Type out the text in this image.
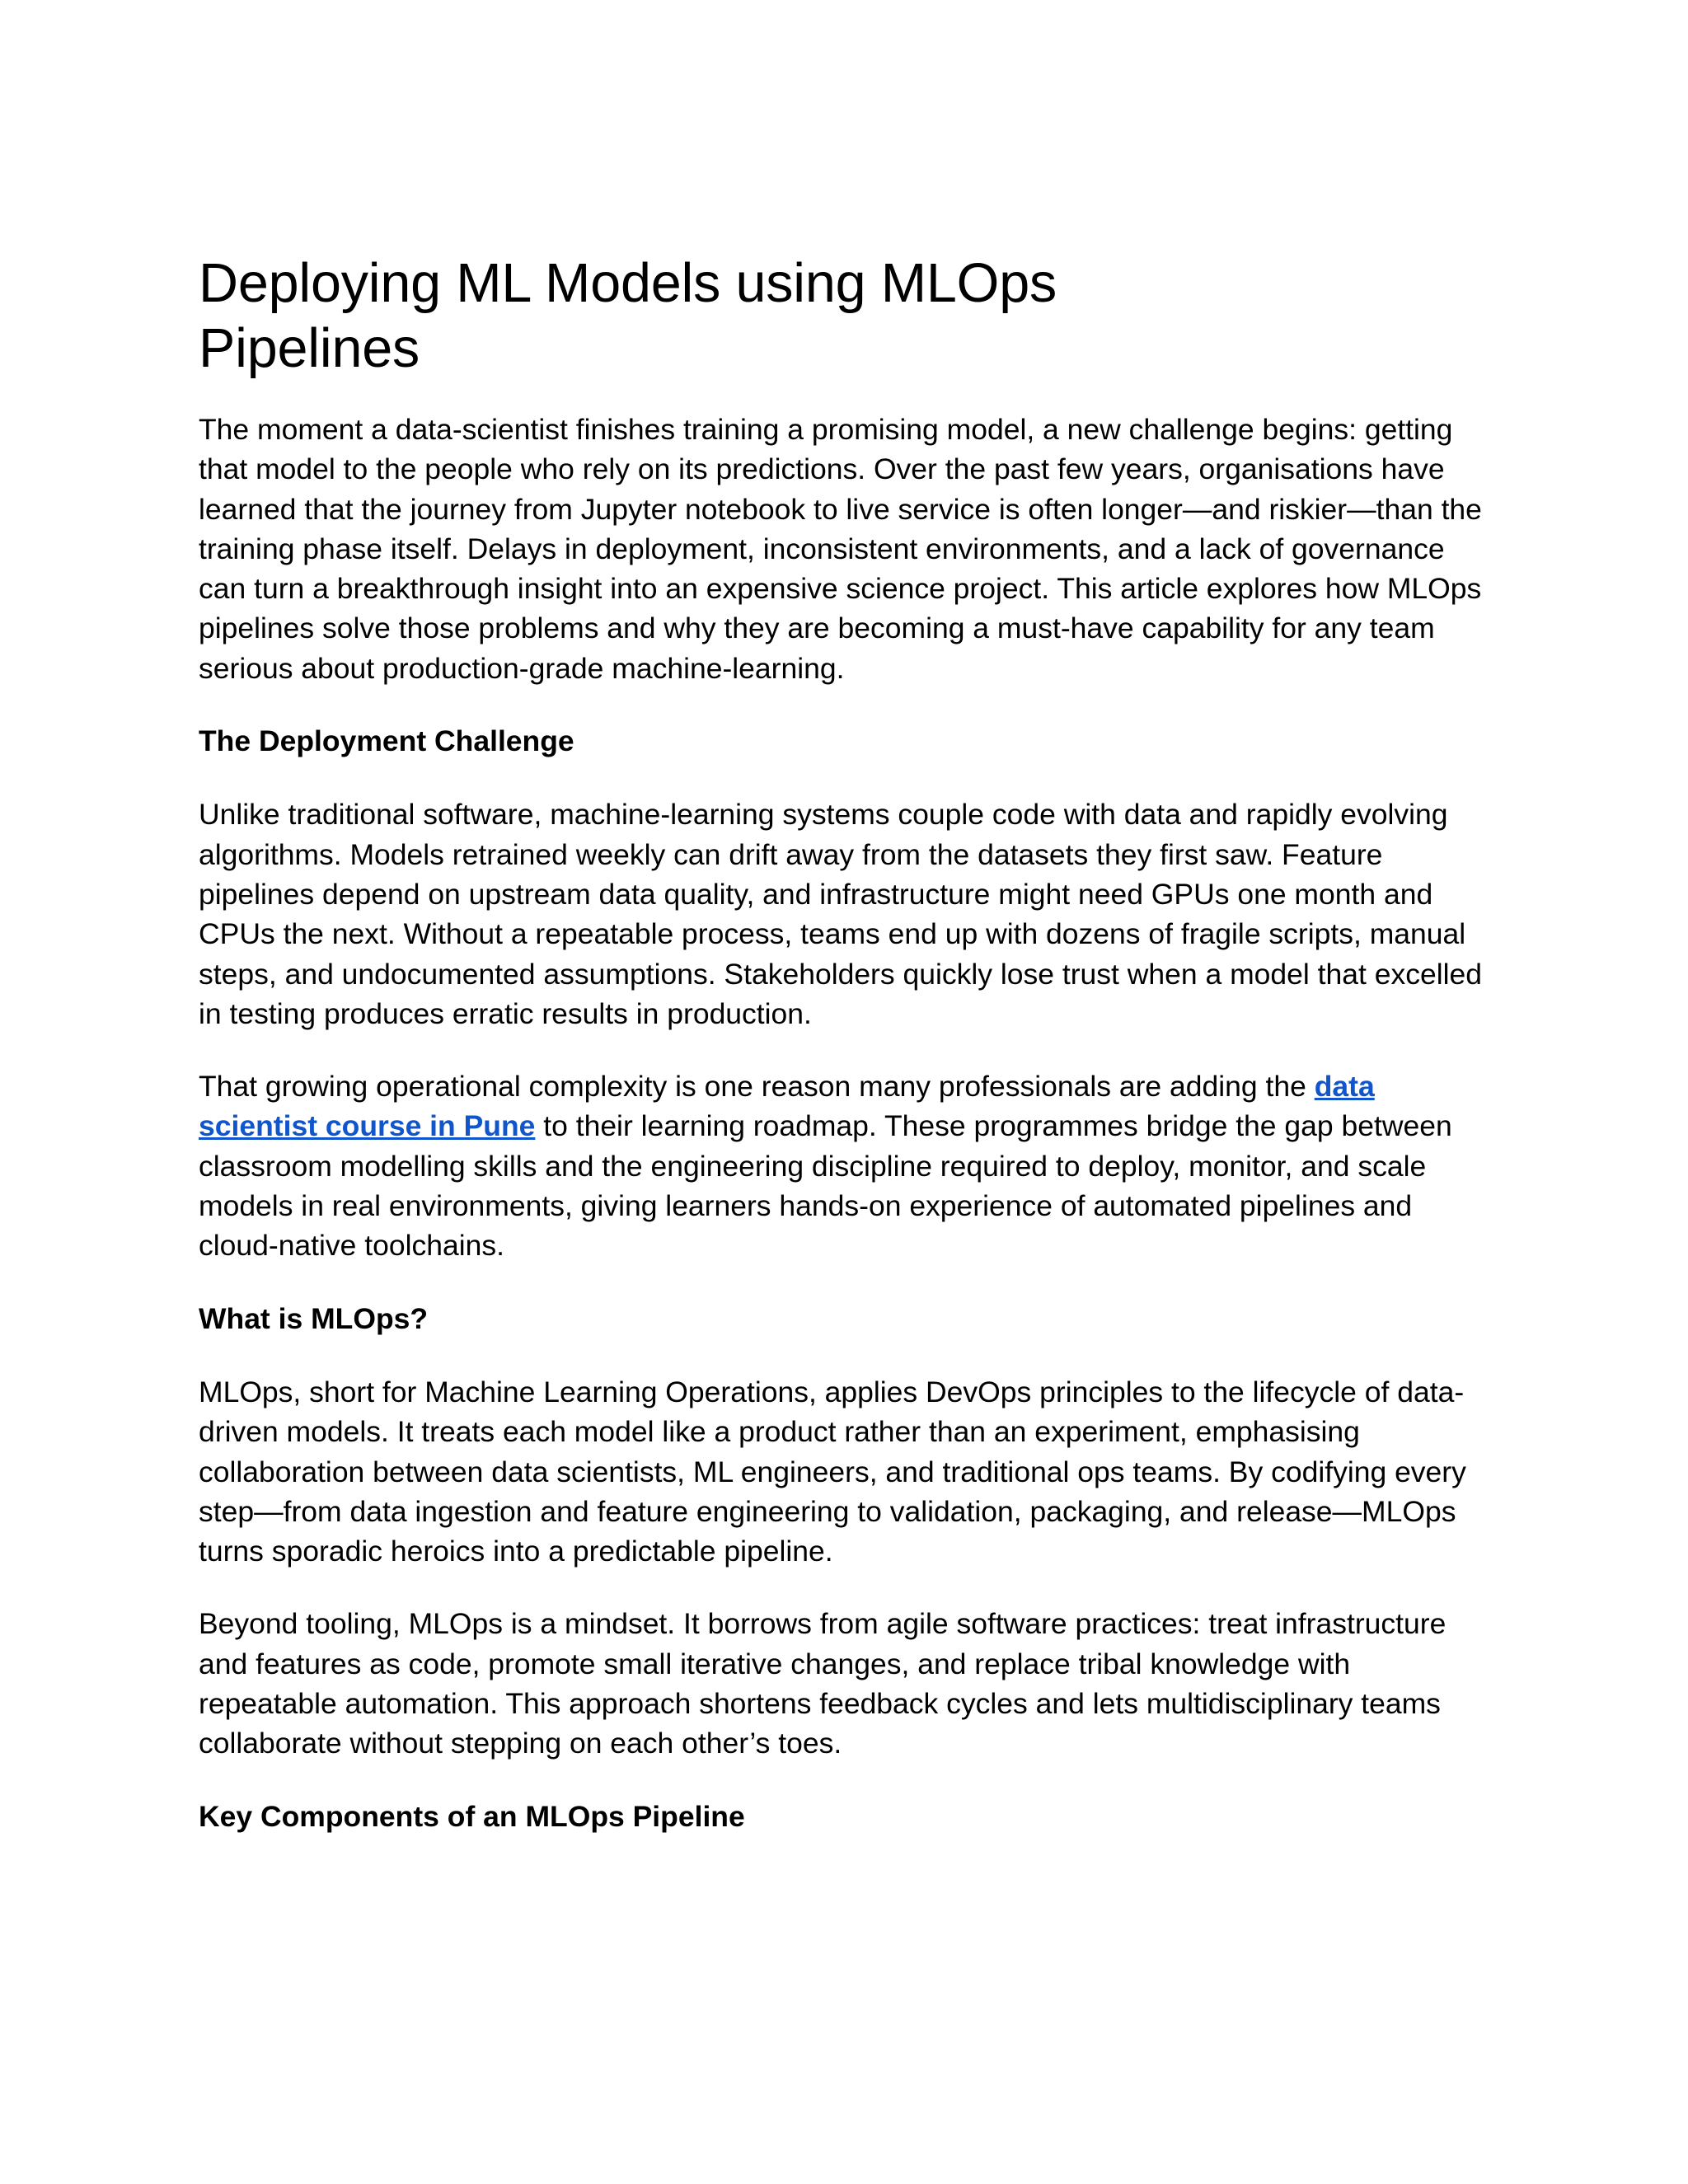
Deploying ML Models using MLOps Pipelines

The moment a data-scientist finishes training a promising model, a new challenge begins: getting that model to the people who rely on its predictions. Over the past few years, organisations have learned that the journey from Jupyter notebook to live service is often longer—and riskier—than the training phase itself. Delays in deployment, inconsistent environments, and a lack of governance can turn a breakthrough insight into an expensive science project. This article explores how MLOps pipelines solve those problems and why they are becoming a must-have capability for any team serious about production-grade machine-learning.

The Deployment Challenge

Unlike traditional software, machine-learning systems couple code with data and rapidly evolving algorithms. Models retrained weekly can drift away from the datasets they first saw. Feature pipelines depend on upstream data quality, and infrastructure might need GPUs one month and CPUs the next. Without a repeatable process, teams end up with dozens of fragile scripts, manual steps, and undocumented assumptions. Stakeholders quickly lose trust when a model that excelled in testing produces erratic results in production.

That growing operational complexity is one reason many professionals are adding the data scientist course in Pune to their learning roadmap. These programmes bridge the gap between classroom modelling skills and the engineering discipline required to deploy, monitor, and scale models in real environments, giving learners hands-on experience of automated pipelines and cloud-native toolchains.

What is MLOps?

MLOps, short for Machine Learning Operations, applies DevOps principles to the lifecycle of data-driven models. It treats each model like a product rather than an experiment, emphasising collaboration between data scientists, ML engineers, and traditional ops teams. By codifying every step—from data ingestion and feature engineering to validation, packaging, and release—MLOps turns sporadic heroics into a predictable pipeline.

Beyond tooling, MLOps is a mindset. It borrows from agile software practices: treat infrastructure and features as code, promote small iterative changes, and replace tribal knowledge with repeatable automation. This approach shortens feedback cycles and lets multidisciplinary teams collaborate without stepping on each other’s toes.

Key Components of an MLOps Pipeline
